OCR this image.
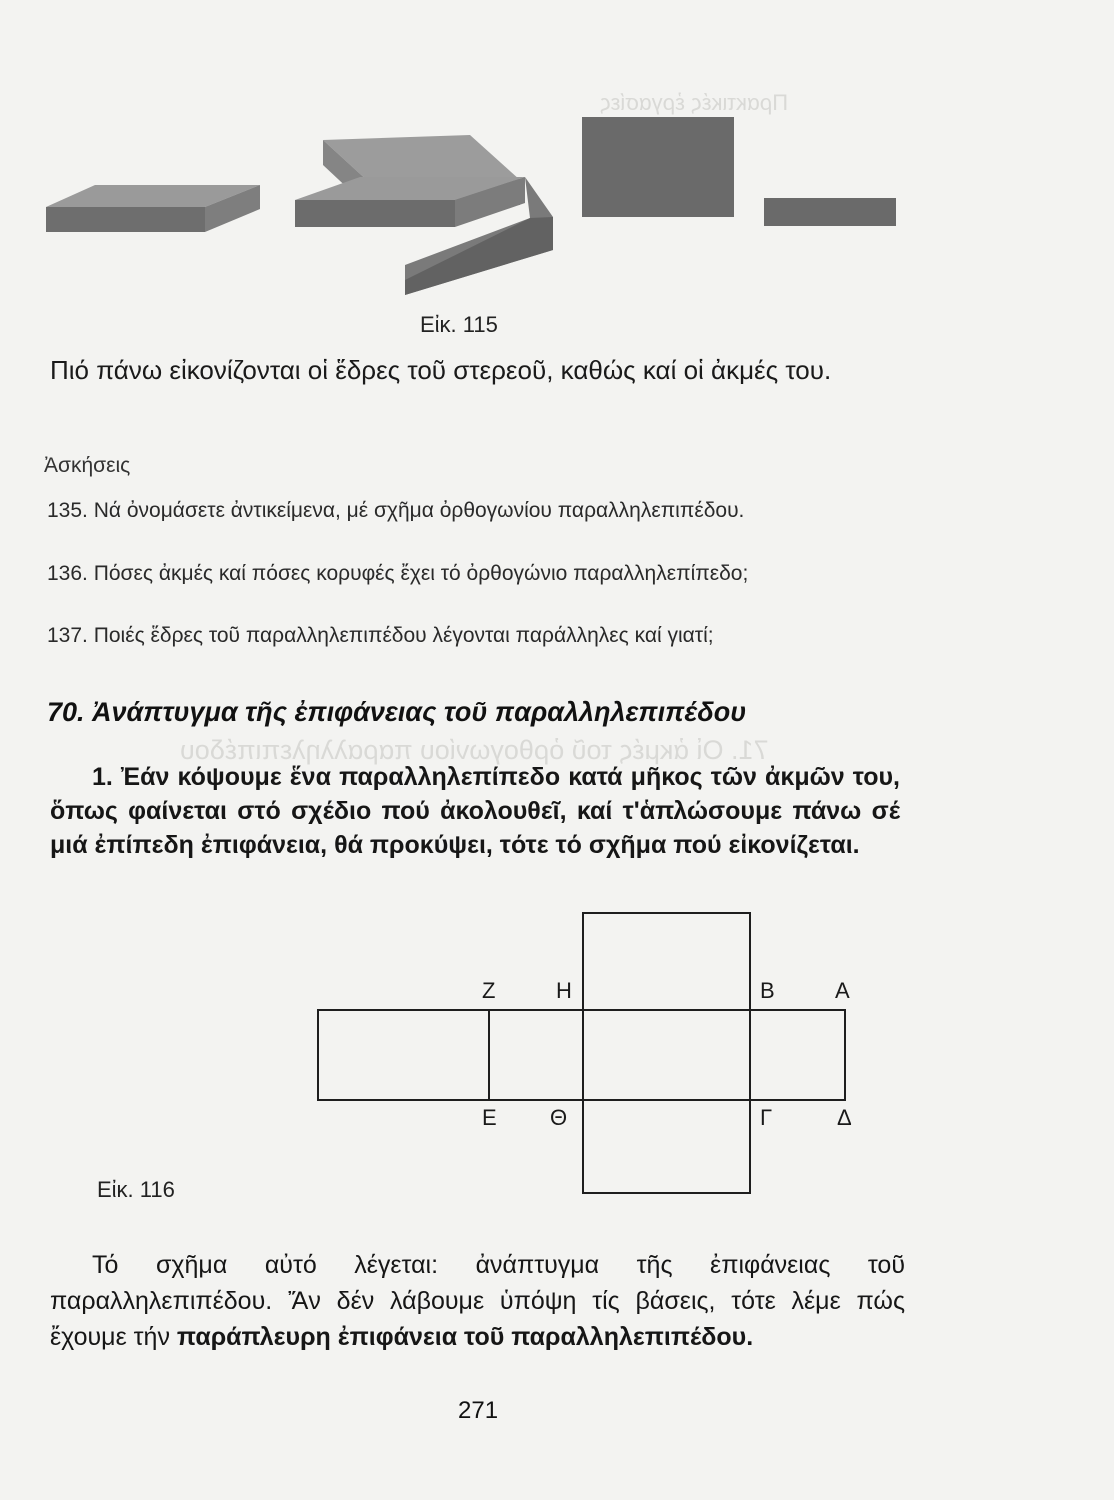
71. Οἱ ἀκμές τοῦ ὀρθογωνίου παραλληλεπιπέδου
Πρακτικές ἐργασίες
Εἰκ. 115
Πιό πάνω εἰκονίζονται οἱ ἕδρες τοῦ στερεοῦ, καθώς καί οἱ ἀκμές του.
Ἀσκήσεις
135. Νά ὀνομάσετε ἀντικείμενα, μέ σχῆμα ὀρθογωνίου παραλληλεπιπέδου.
136. Πόσες ἀκμές καί πόσες κορυφές ἔχει τό ὀρθογώνιο παραλληλεπίπεδο;
137. Ποιές ἕδρες τοῦ παραλληλεπιπέδου λέγονται παράλληλες καί γιατί;
70. Ἀνάπτυγμα τῆς ἐπιφάνειας τοῦ παραλληλεπιπέδου
1. Ἐάν κόψουμε ἕνα παραλληλεπίπεδο κατά μῆκος τῶν ἀκμῶν του, ὅπως φαίνεται στό σχέδιο πού ἀκολουθεῖ, καί τ'ἁπλώσουμε πάνω σέ μιά ἐπίπεδη ἐπιφάνεια, θά προκύψει, τότε τό σχῆμα πού εἰκονίζεται.
Ζ	Η	Β	Α
Ε Θ	Γ	Δ
Εἰκ. 116
Τό σχῆμα αὐτό λέγεται: ἀνάπτυγμα τῆς ἐπιφάνειας τοῦ παραλληλεπιπέδου. Ἄν δέν λάβουμε ὑπόψη τίς βάσεις, τότε λέμε πώς ἔχουμε τήν παράπλευρη ἐπιφάνεια τοῦ παραλληλεπιπέδου.
271
